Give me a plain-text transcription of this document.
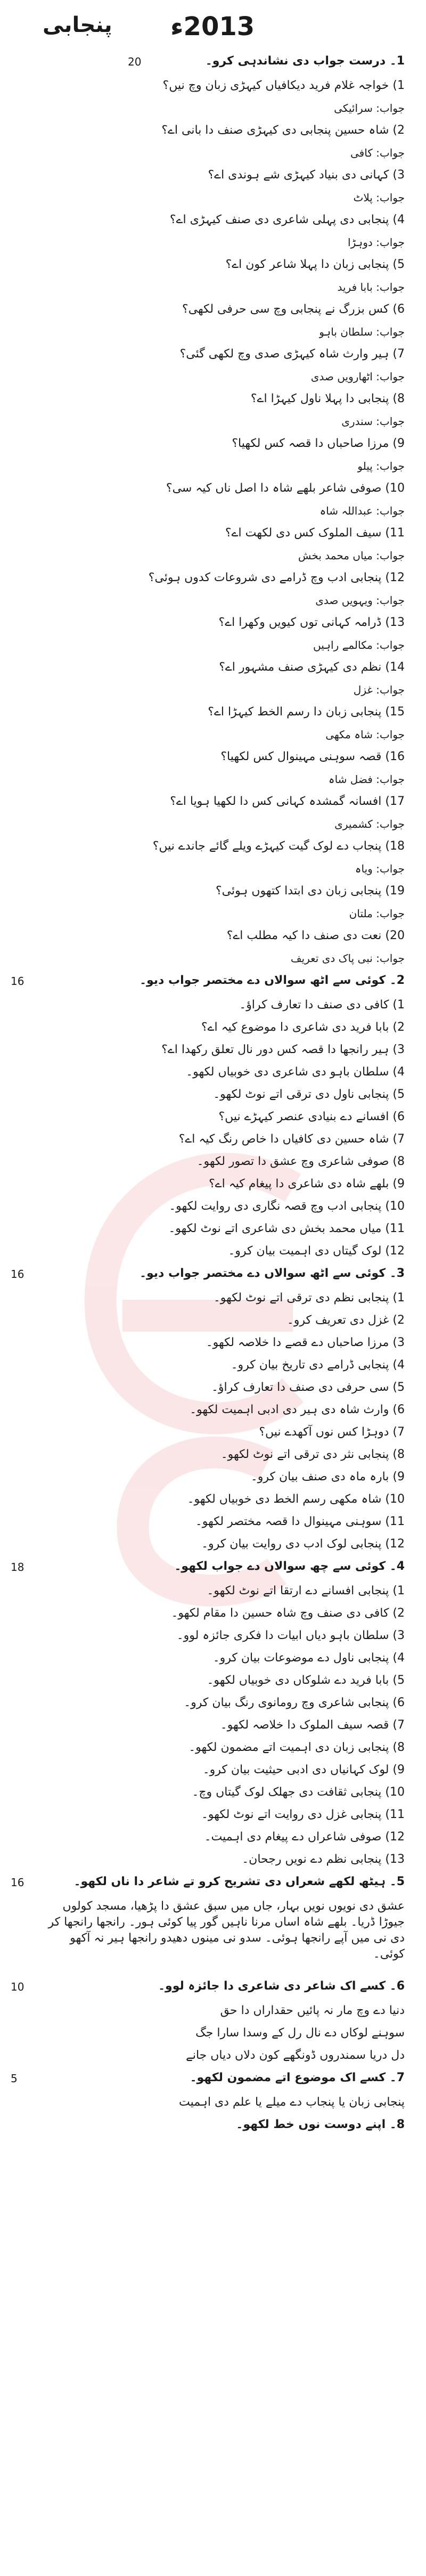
2013ء
پنجابی
1۔ درست جواب دی نشاندہی کرو۔
1) خواجہ غلام فرید دیکافیاں کیہڑی زبان وچ نیں؟
جواب: سرائیکی
2) شاہ حسین پنجابی دی کیہڑی صنف دا بانی اے؟
جواب: کافی
3) کہانی دی بنیاد کیہڑی شے ہوندی اے؟
جواب: پلاٹ
4) پنجابی دی پہلی شاعری دی صنف کیہڑی اے؟
جواب: دوہڑا
5) پنجابی زبان دا پہلا شاعر کون اے؟
جواب: بابا فرید
6) کس بزرگ نے پنجابی وچ سی حرفی لکھی؟
جواب: سلطان باہو
7) ہیر وارث شاہ کیہڑی صدی وچ لکھی گئی؟
جواب: اٹھارویں صدی
8) پنجابی دا پہلا ناول کیہڑا اے؟
جواب: سندری
9) مرزا صاحباں دا قصہ کس لکھیا؟
جواب: پیلو
10) صوفی شاعر بلھے شاہ دا اصل ناں کیہ سی؟
جواب: عبداللہ شاہ
11) سیف الملوک کس دی لکھت اے؟
جواب: میاں محمد بخش
12) پنجابی ادب وچ ڈرامے دی شروعات کدوں ہوئی؟
جواب: ویہویں صدی
13) ڈرامہ کہانی توں کیویں وکھرا اے؟
جواب: مکالمے راہیں
14) نظم دی کیہڑی صنف مشہور اے؟
جواب: غزل
15) پنجابی زبان دا رسم الخط کیہڑا اے؟
جواب: شاہ مکھی
16) قصہ سوہنی مہینوال کس لکھیا؟
جواب: فضل شاہ
17) افسانہ گمشدہ کہانی کس دا لکھیا ہویا اے؟
جواب: کشمیری
18) پنجاب دے لوک گیت کیہڑے ویلے گائے جاندے نیں؟
جواب: ویاہ
19) پنجابی زبان دی ابتدا کتھوں ہوئی؟
جواب: ملتان
20) نعت دی صنف دا کیہ مطلب اے؟
جواب: نبی پاک دی تعریف
2۔ کوئی سے اٹھ سوالاں دے مختصر جواب دیو۔
1) کافی دی صنف دا تعارف کراؤ۔
2) بابا فرید دی شاعری دا موضوع کیہ اے؟
3) ہیر رانجھا دا قصہ کس دور نال تعلق رکھدا اے؟
4) سلطان باہو دی شاعری دی خوبیاں لکھو۔
5) پنجابی ناول دی ترقی اتے نوٹ لکھو۔
6) افسانے دے بنیادی عنصر کیہڑے نیں؟
7) شاہ حسین دی کافیاں دا خاص رنگ کیہ اے؟
8) صوفی شاعری وچ عشق دا تصور لکھو۔
9) بلھے شاہ دی شاعری دا پیغام کیہ اے؟
10) پنجابی ادب وچ قصہ نگاری دی روایت لکھو۔
11) میاں محمد بخش دی شاعری اتے نوٹ لکھو۔
12) لوک گیتاں دی اہمیت بیان کرو۔
3۔ کوئی سے اٹھ سوالاں دے مختصر جواب دیو۔
1) پنجابی نظم دی ترقی اتے نوٹ لکھو۔
2) غزل دی تعریف کرو۔
3) مرزا صاحباں دے قصے دا خلاصہ لکھو۔
4) پنجابی ڈرامے دی تاریخ بیان کرو۔
5) سی حرفی دی صنف دا تعارف کراؤ۔
6) وارث شاہ دی ہیر دی ادبی اہمیت لکھو۔
7) دوہڑا کس نوں آکھدے نیں؟
8) پنجابی نثر دی ترقی اتے نوٹ لکھو۔
9) بارہ ماہ دی صنف بیان کرو۔
10) شاہ مکھی رسم الخط دی خوبیاں لکھو۔
11) سوہنی مہینوال دا قصہ مختصر لکھو۔
12) پنجابی لوک ادب دی روایت بیان کرو۔
4۔ کوئی سے چھ سوالاں دے جواب لکھو۔
1) پنجابی افسانے دے ارتقا اتے نوٹ لکھو۔
2) کافی دی صنف وچ شاہ حسین دا مقام لکھو۔
3) سلطان باہو دیاں ابیات دا فکری جائزہ لوو۔
4) پنجابی ناول دے موضوعات بیان کرو۔
5) بابا فرید دے شلوکاں دی خوبیاں لکھو۔
6) پنجابی شاعری وچ رومانوی رنگ بیان کرو۔
7) قصہ سیف الملوک دا خلاصہ لکھو۔
8) پنجابی زبان دی اہمیت اتے مضمون لکھو۔
9) لوک کہانیاں دی ادبی حیثیت بیان کرو۔
10) پنجابی ثقافت دی جھلک لوک گیتاں وچ۔
11) پنجابی غزل دی روایت اتے نوٹ لکھو۔
12) صوفی شاعراں دے پیغام دی اہمیت۔
13) پنجابی نظم دے نویں رجحان۔
5۔ ہیٹھ لکھے شعراں دی تشریح کرو تے شاعر دا ناں لکھو۔
عشق دی نویوں نویں بہار، جاں میں سبق عشق دا پڑھیا، مسجد کولوں جیوڑا ڈریا۔ بلھے شاہ اساں مرنا ناہیں گور پیا کوئی ہور۔ رانجھا رانجھا کر دی نی میں آپے رانجھا ہوئی۔ سدو نی مینوں دھیدو رانجھا ہیر نہ آکھو کوئی۔
6۔ کسے اک شاعر دی شاعری دا جائزہ لوو۔
دنیا دے وچ مار نہ پائیں حقداراں دا حق
سوہنے لوکاں دے نال رل کے وسدا سارا جگ
دل دریا سمندروں ڈونگھے کون دلاں دیاں جانے
7۔ کسے اک موضوع اتے مضمون لکھو۔
پنجابی زبان یا پنجاب دے میلے یا علم دی اہمیت
8۔ اپنے دوست نوں خط لکھو۔
20
16
16
18
16
10
5
